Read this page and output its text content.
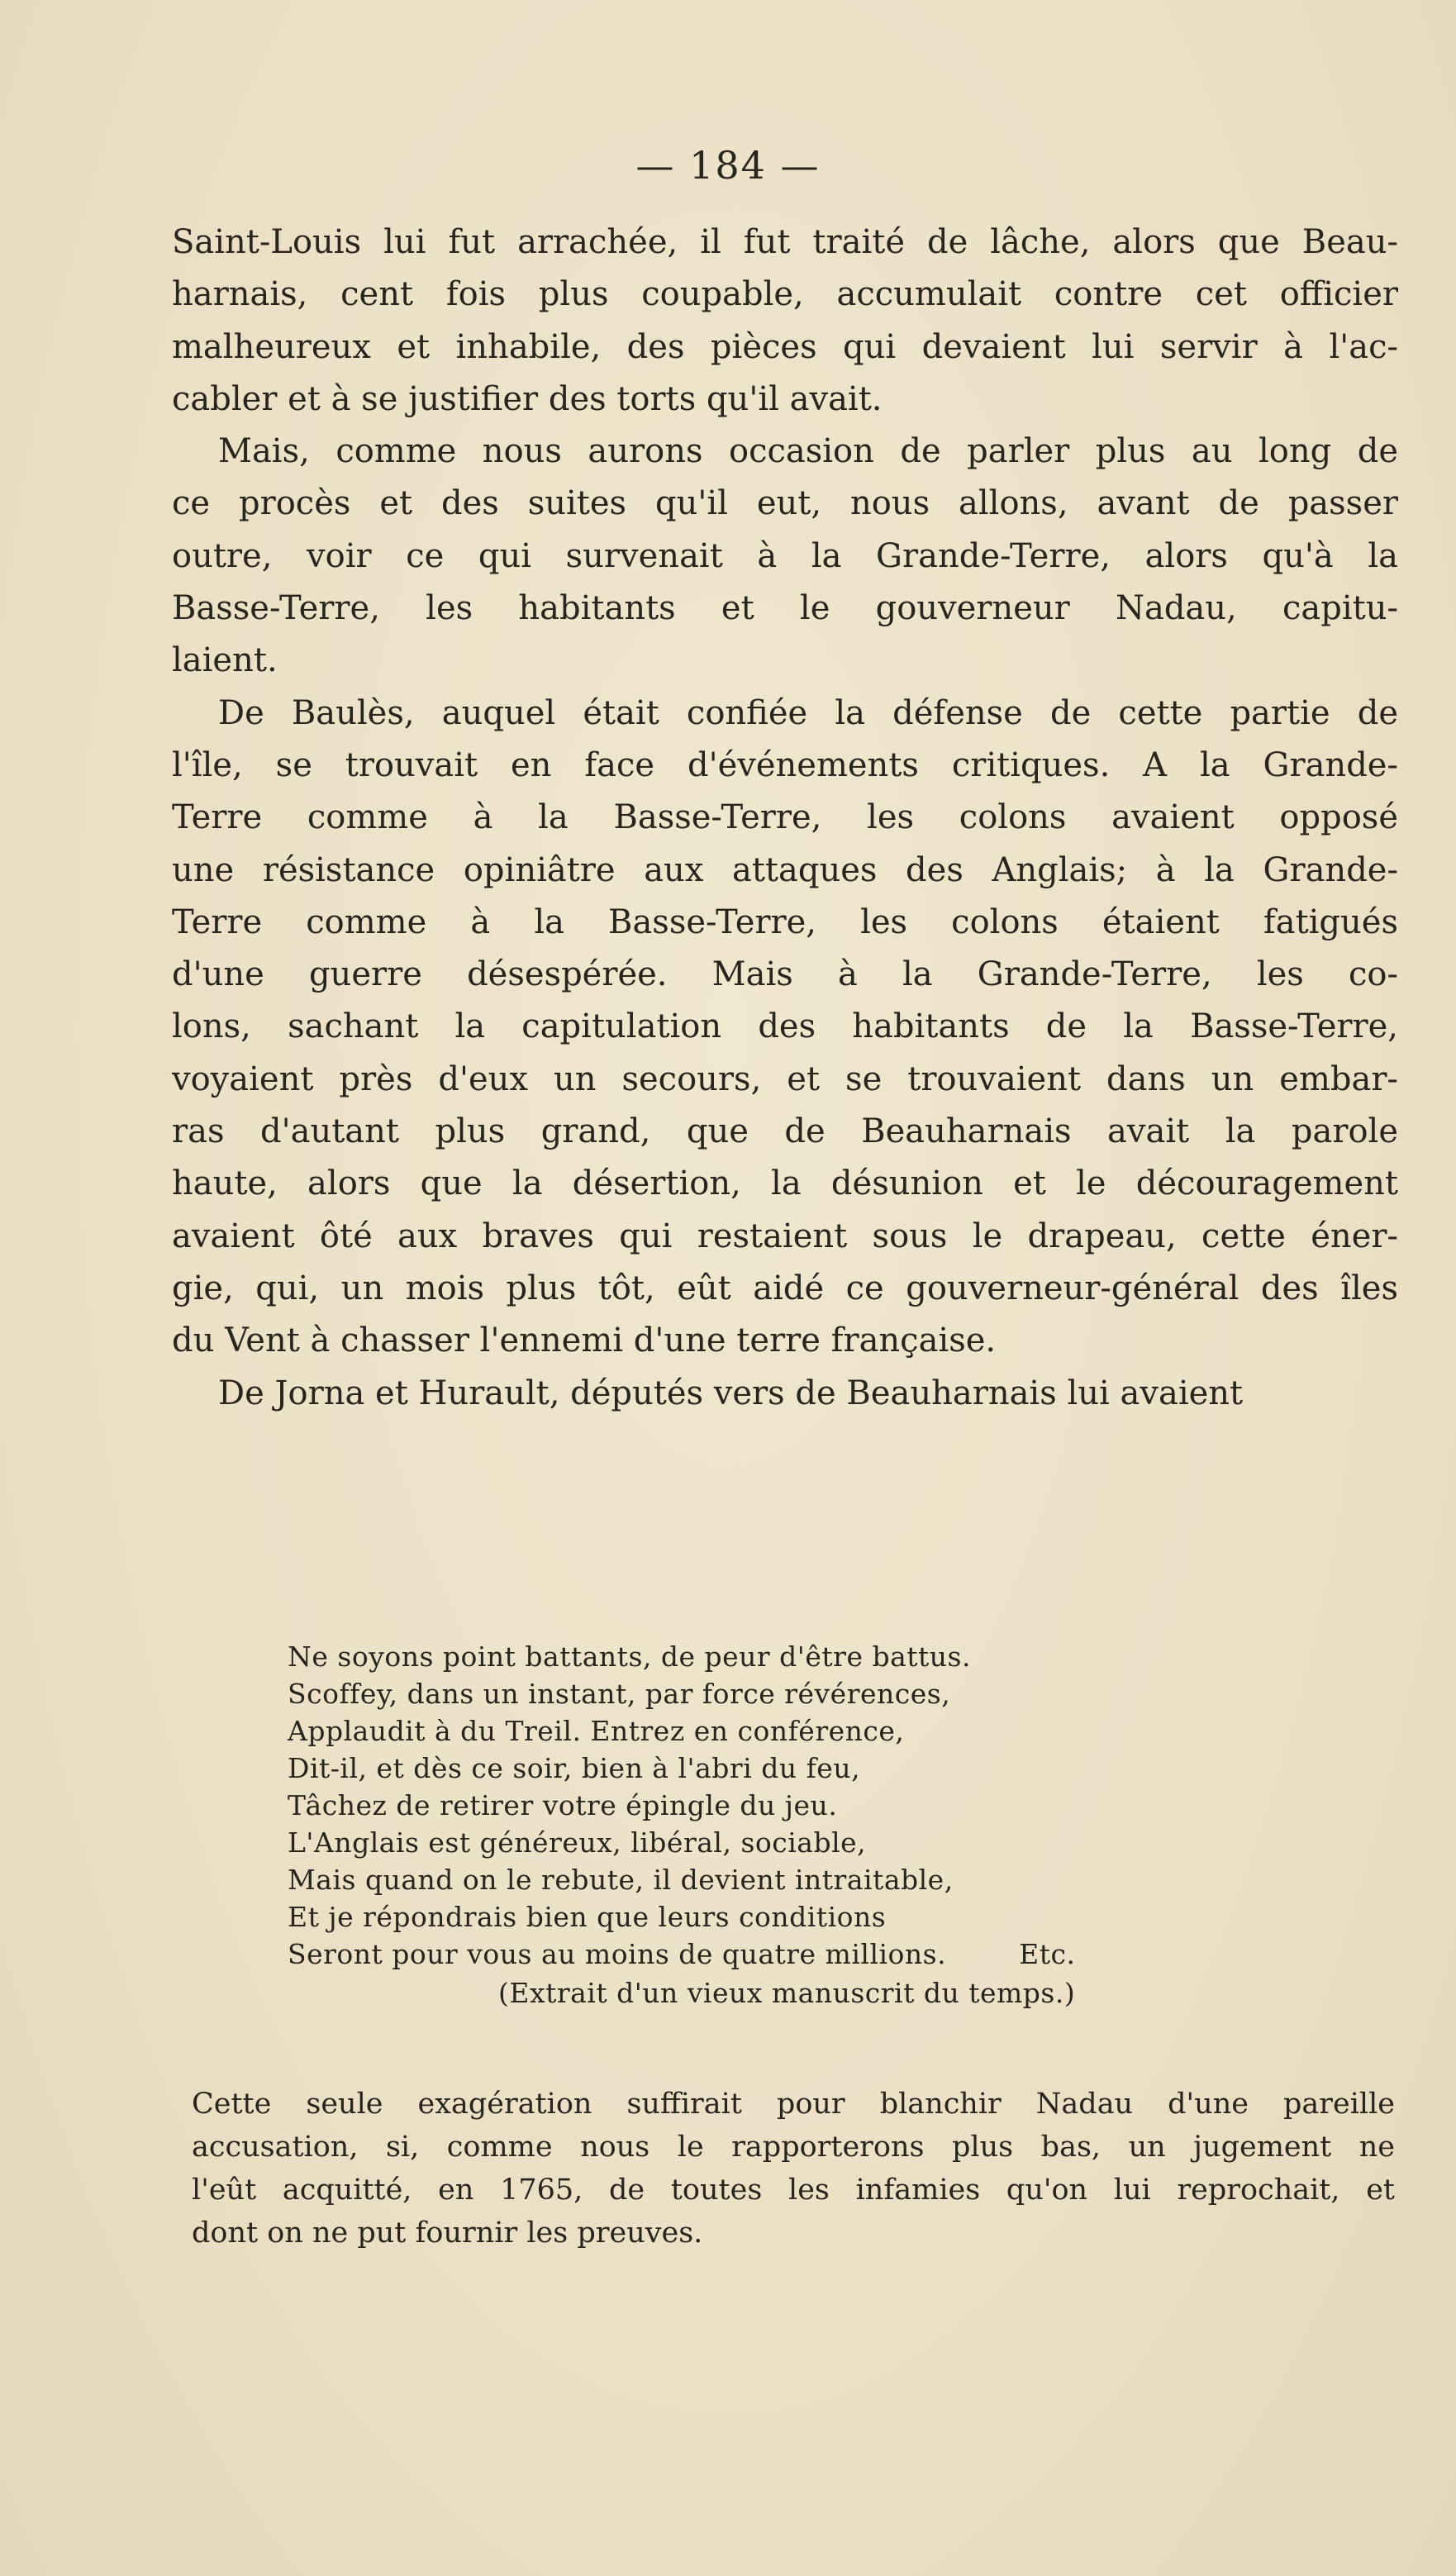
— 184 —

Saint-Louis lui fut arrachée, il fut traité de lâche, alors que Beau-
harnais, cent fois plus coupable, accumulait contre cet officier
malheureux et inhabile, des pièces qui devaient lui servir à l'ac-
cabler et à se justifier des torts qu'il avait.

Mais, comme nous aurons occasion de parler plus au long de
ce procès et des suites qu'il eut, nous allons, avant de passer
outre, voir ce qui survenait à la Grande-Terre, alors qu'à la
Basse-Terre, les habitants et le gouverneur Nadau, capitu-
laient.

De Baulès, auquel était confiée la défense de cette partie de
l'île, se trouvait en face d'événements critiques. A la Grande-
Terre comme à la Basse-Terre, les colons avaient opposé
une résistance opiniâtre aux attaques des Anglais; à la Grande-
Terre comme à la Basse-Terre, les colons étaient fatigués
d'une guerre désespérée. Mais à la Grande-Terre, les co-
lons, sachant la capitulation des habitants de la Basse-Terre,
voyaient près d'eux un secours, et se trouvaient dans un embar-
ras d'autant plus grand, que de Beauharnais avait la parole
haute, alors que la désertion, la désunion et le découragement
avaient ôté aux braves qui restaient sous le drapeau, cette éner-
gie, qui, un mois plus tôt, eût aidé ce gouverneur-général des îles
du Vent à chasser l'ennemi d'une terre française.

De Jorna et Hurault, députés vers de Beauharnais lui avaient

Ne soyons point battants, de peur d'être battus.
Scoffey, dans un instant, par force révérences,
Applaudit à du Treil. Entrez en conférence,
Dit-il, et dès ce soir, bien à l'abri du feu,
Tâchez de retirer votre épingle du jeu.
L'Anglais est généreux, libéral, sociable,
Mais quand on le rebute, il devient intraitable,
Et je répondrais bien que leurs conditions
Seront pour vous au moins de quatre millions.	Etc.
(Extrait d'un vieux manuscrit du temps.)

Cette seule exagération suffirait pour blanchir Nadau d'une pareille
accusation, si, comme nous le rapporterons plus bas, un jugement ne
l'eût acquitté, en 1765, de toutes les infamies qu'on lui reprochait, et
dont on ne put fournir les preuves.
